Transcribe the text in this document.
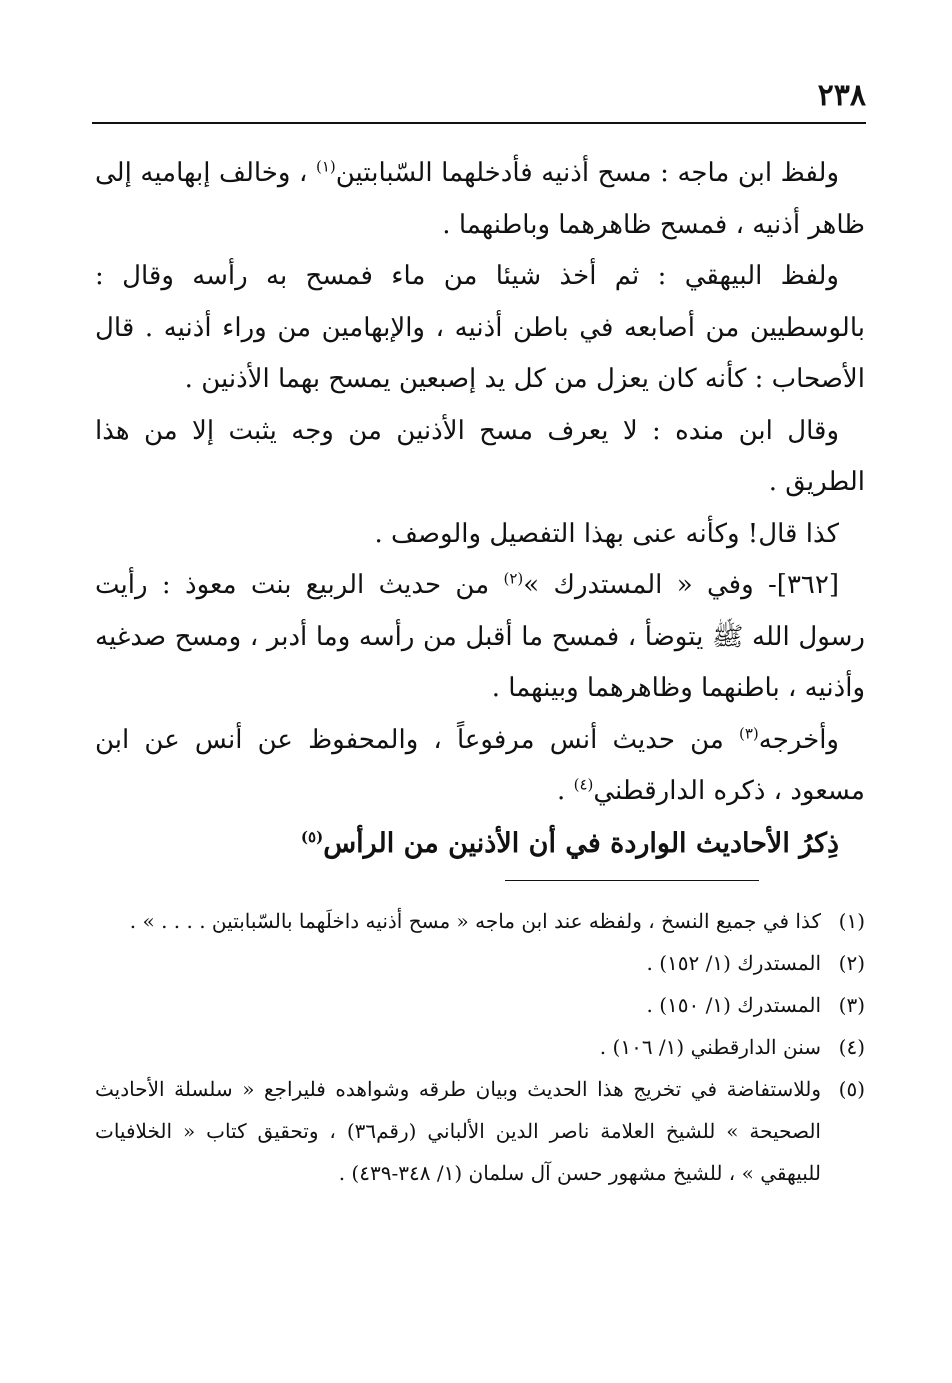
٢٣٨

ولفظ ابن ماجه : مسح أذنيه فأدخلهما السّبابتين$^{(١)}$ ، وخالف إبهاميه إلى ظاهر أذنيه ، فمسح ظاهرهما وباطنهما .

ولفظ البيهقي : ثم أخذ شيئا من ماء فمسح به رأسه وقال : بالوسطيين من أصابعه في باطن أذنيه ، والإبهامين من وراء أذنيه . قال الأصحاب : كأنه كان يعزل من كل يد إصبعين يمسح بهما الأذنين .

وقال ابن منده : لا يعرف مسح الأذنين من وجه يثبت إلا من هذا الطريق .

كذا قال! وكأنه عنى بهذا التفصيل والوصف .

[٣٦٢]- وفي « المستدرك »$^{(٢)}$ من حديث الربيع بنت معوذ : رأيت رسول الله ﷺ يتوضأ ، فمسح ما أقبل من رأسه وما أدبر ، ومسح صدغيه وأذنيه ، باطنهما وظاهرهما وبينهما .

وأخرجه$^{(٣)}$ من حديث أنس مرفوعاً ، والمحفوظ عن أنس عن ابن مسعود ، ذكره الدارقطني$^{(٤)}$ .

ذِكرُ الأحاديث الواردة في أن الأذنين من الرأس$^{(٥)}$

(١)
كذا في جميع النسخ ، ولفظه عند ابن ماجه « مسح أذنيه داخلَهما بالسّبابتين . . . . » .
(٢)
المستدرك (١/ ١٥٢) .
(٣)
المستدرك (١/ ١٥٠) .
(٤)
سنن الدارقطني (١/ ١٠٦) .
(٥)
وللاستفاضة في تخريج هذا الحديث وبيان طرقه وشواهده فليراجع « سلسلة الأحاديث الصحيحة » للشيخ العلامة ناصر الدين الألباني (رقم٣٦) ، وتحقيق كتاب « الخلافيات للبيهقي » ، للشيخ مشهور حسن آل سلمان (١/ ٣٤٨-٤٣٩) .
